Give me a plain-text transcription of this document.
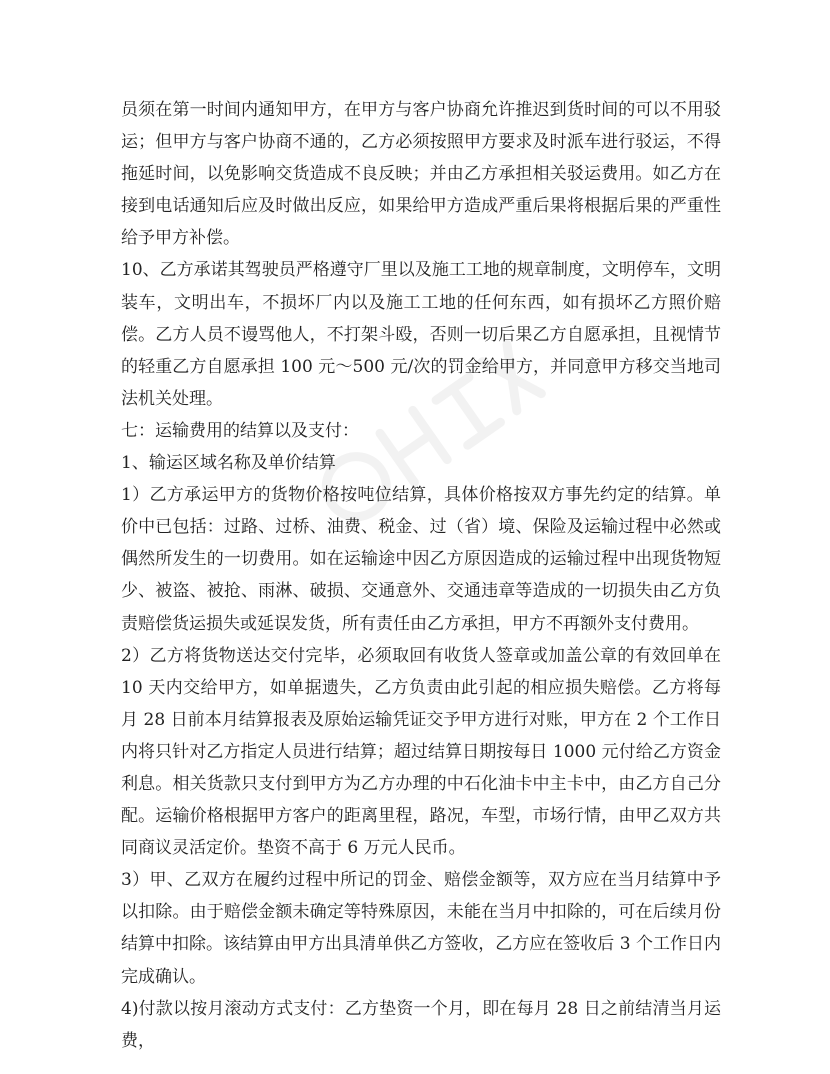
员须在第一时间内通知甲方，在甲方与客户协商允许推迟到货时间的可以不用驳运；但甲方与客户协商不通的，乙方必须按照甲方要求及时派车进行驳运，不得拖延时间，以免影响交货造成不良反映；并由乙方承担相关驳运费用。如乙方在接到电话通知后应及时做出反应，如果给甲方造成严重后果将根据后果的严重性给予甲方补偿。

10、乙方承诺其驾驶员严格遵守厂里以及施工工地的规章制度，文明停车，文明装车，文明出车，不损坏厂内以及施工工地的任何东西，如有损坏乙方照价赔偿。乙方人员不谩骂他人，不打架斗殴，否则一切后果乙方自愿承担，且视情节的轻重乙方自愿承担 100 元～500 元/次的罚金给甲方，并同意甲方移交当地司法机关处理。

七：运输费用的结算以及支付：

1、输运区域名称及单价结算

1）乙方承运甲方的货物价格按吨位结算，具体价格按双方事先约定的结算。单价中已包括：过路、过桥、油费、税金、过（省）境、保险及运输过程中必然或偶然所发生的一切费用。如在运输途中因乙方原因造成的运输过程中出现货物短少、被盗、被抢、雨淋、破损、交通意外、交通违章等造成的一切损失由乙方负责赔偿货运损失或延误发货，所有责任由乙方承担，甲方不再额外支付费用。

2）乙方将货物送达交付完毕，必须取回有收货人签章或加盖公章的有效回单在 10 天内交给甲方，如单据遗失，乙方负责由此引起的相应损失赔偿。乙方将每月 28 日前本月结算报表及原始运输凭证交予甲方进行对账，甲方在 2 个工作日内将只针对乙方指定人员进行结算；超过结算日期按每日 1000 元付给乙方资金利息。相关货款只支付到甲方为乙方办理的中石化油卡中主卡中，由乙方自己分配。运输价格根据甲方客户的距离里程，路况，车型，市场行情，由甲乙双方共同商议灵活定价。垫资不高于 6 万元人民币。

3）甲、乙双方在履约过程中所记的罚金、赔偿金额等，双方应在当月结算中予以扣除。由于赔偿金额未确定等特殊原因，未能在当月中扣除的，可在后续月份结算中扣除。该结算由甲方出具清单供乙方签收，乙方应在签收后 3 个工作日内完成确认。

4)付款以按月滚动方式支付：乙方垫资一个月，即在每月 28 日之前结清当月运费，
